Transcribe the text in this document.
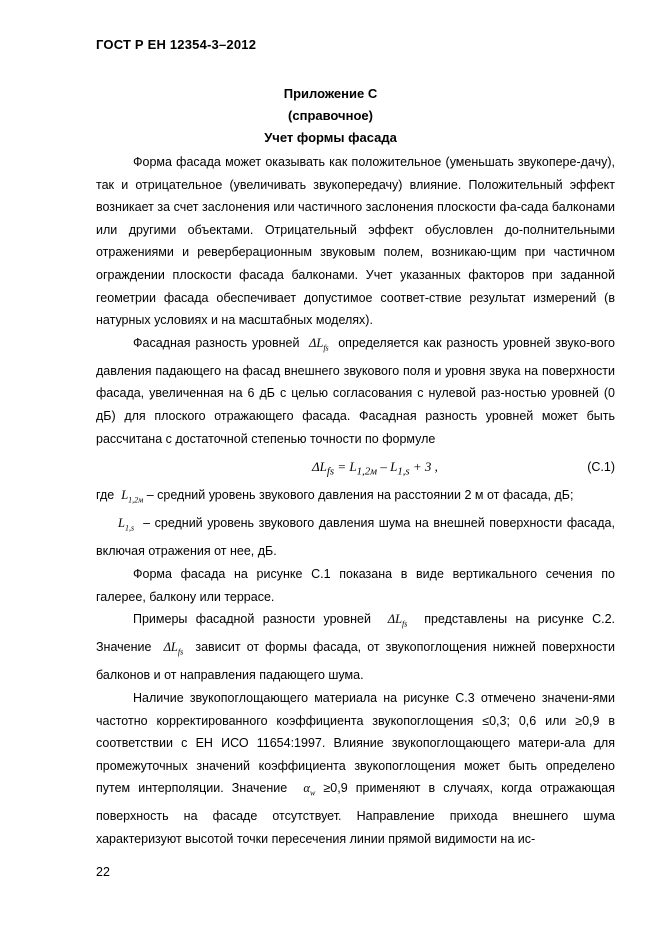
ГОСТ Р ЕН 12354-3–2012
Приложение С
(справочное)
Учет формы фасада

Форма фасада может оказывать как положительное (уменьшать звукопере-дачу), так и отрицательное (увеличивать звукопередачу) влияние. Положительный эффект возникает за счет заслонения или частичного заслонения плоскости фа-сада балконами или другими объектами. Отрицательный эффект обусловлен до-полнительными отражениями и реверберационным звуковым полем, возникаю-щим при частичном ограждении плоскости фасада балконами. Учет указанных факторов при заданной геометрии фасада обеспечивает допустимое соответ-ствие результат измерений (в натурных условиях и на масштабных моделях).

Фасадная разность уровней $\Delta L_{fs}$ определяется как разность уровней звуко-вого давления падающего на фасад внешнего звукового поля и уровня звука на поверхности фасада, увеличенная на 6 дБ с целью согласования с нулевой раз-ностью уровней (0 дБ) для плоского отражающего фасада. Фасадная разность уровней может быть рассчитана с достаточной степенью точности по формуле

$\Delta L_{fs} = L_{1,2м} - L_{1,s} + 3$ ,	(С.1)

где $L_{1,2м}$ – средний уровень звукового давления на расстоянии 2 м от фасада, дБ;

$L_{1,s}$ – средний уровень звукового давления шума на внешней поверхности фасада, включая отражения от нее, дБ.

Форма фасада на рисунке С.1 показана в виде вертикального сечения по галерее, балкону или террасе.

Примеры фасадной разности уровней $\Delta L_{fs}$ представлены на рисунке С.2. Значение $\Delta L_{fs}$ зависит от формы фасада, от звукопоглощения нижней поверхности балконов и от направления падающего шума.

Наличие звукопоглощающего материала на рисунке С.3 отмечено значени-ями частотно корректированного коэффициента звукопоглощения ≤0,3; 0,6 или ≥0,9 в соответствии с ЕН ИСО 11654:1997. Влияние звукопоглощающего матери-ала для промежуточных значений коэффициента звукопоглощения может быть определено путем интерполяции. Значение $\alpha_w \ge 0,9$ применяют в случаях, когда отражающая поверхность на фасаде отсутствует. Направление прихода внешнего шума характеризуют высотой точки пересечения линии прямой видимости на ис-

22
